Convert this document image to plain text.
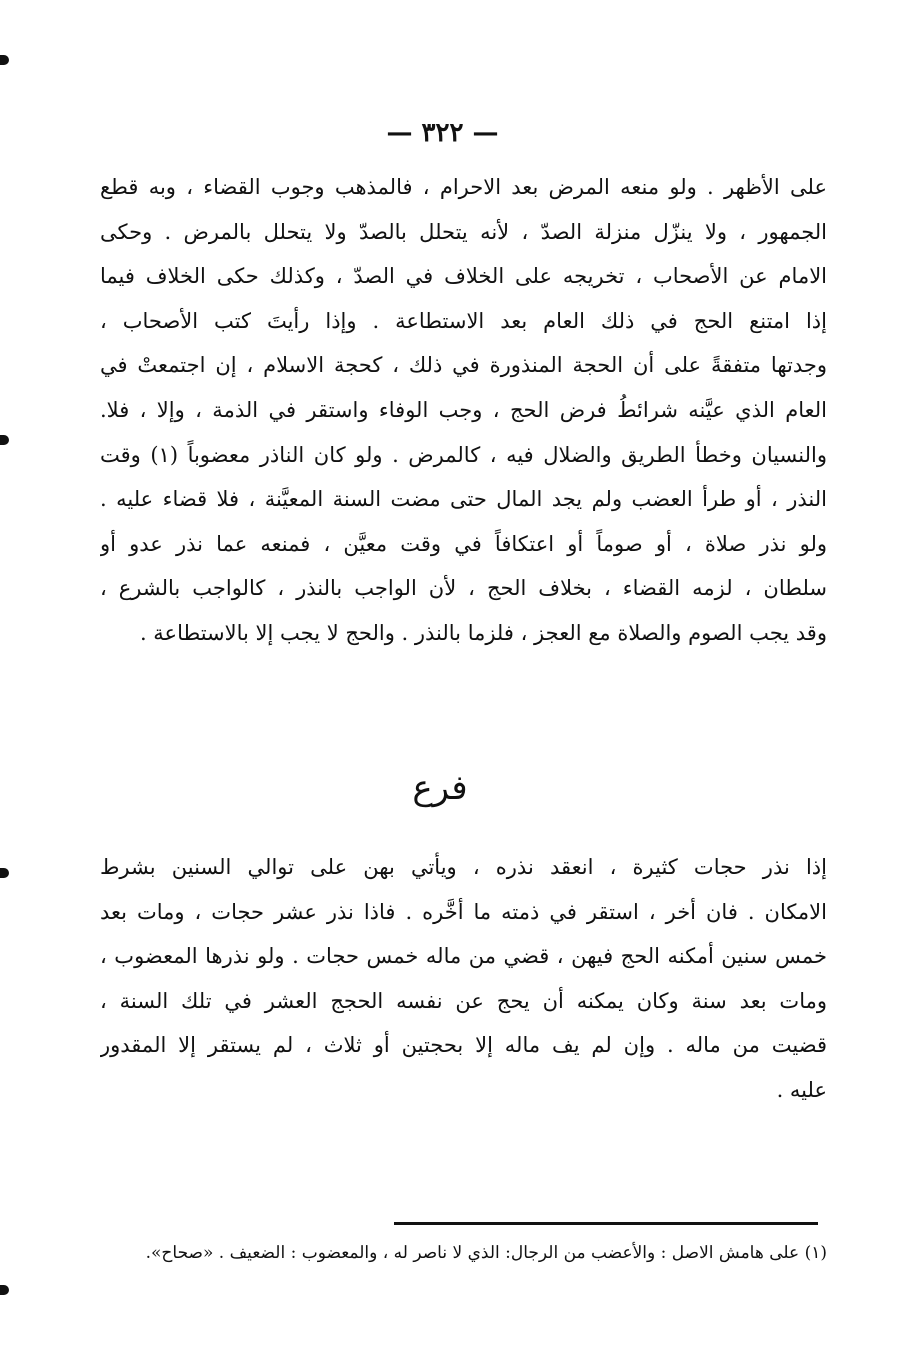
— ٣٢٢ —
على الأظهر . ولو منعه المرض بعد الاحرام ، فالمذهب وجوب القضاء ، وبه قطع
الجمهور ، ولا ينزّل منزلة الصدّ ، لأنه يتحلل بالصدّ ولا يتحلل بالمرض . وحكى
الامام عن الأصحاب ، تخريجه على الخلاف في الصدّ ، وكذلك حكى الخلاف فيما
إذا امتنع الحج في ذلك العام بعد الاستطاعة . وإذا رأيتَ كتب الأصحاب ،
وجدتها متفقةً على أن الحجة المنذورة في ذلك ، كحجة الاسلام ، إن اجتمعتْ في
العام الذي عيَّنه شرائطُ فرض الحج ، وجب الوفاء واستقر في الذمة ، وإلا ، فلا.
والنسيان وخطأ الطريق والضلال فيه ، كالمرض . ولو كان الناذر معضوباً (١) وقت
النذر ، أو طرأ العضب ولم يجد المال حتى مضت السنة المعيَّنة ، فلا قضاء عليه .
ولو نذر صلاة ، أو صوماً أو اعتكافاً في وقت معيَّن ، فمنعه عما نذر عدو أو
سلطان ، لزمه القضاء ، بخلاف الحج ، لأن الواجب بالنذر ، كالواجب بالشرع ،
وقد يجب الصوم والصلاة مع العجز ، فلزما بالنذر . والحج لا يجب إلا بالاستطاعة .
فرع
إذا نذر حجات كثيرة ، انعقد نذره ، ويأتي بهن على توالي السنين بشرط
الامكان . فان أخر ، استقر في ذمته ما أخَّره . فاذا نذر عشر حجات ، ومات بعد
خمس سنين أمكنه الحج فيهن ، قضي من ماله خمس حجات . ولو نذرها المعضوب ،
ومات بعد سنة وكان يمكنه أن يحج عن نفسه الحجج العشر في تلك السنة ،
قضيت من ماله . وإن لم يف ماله إلا بحجتين أو ثلاث ، لم يستقر إلا المقدور
عليه .
(١) على هامش الاصل : والأعضب من الرجال: الذي لا ناصر له ، والمعضوب : الضعيف . «صحاح».
